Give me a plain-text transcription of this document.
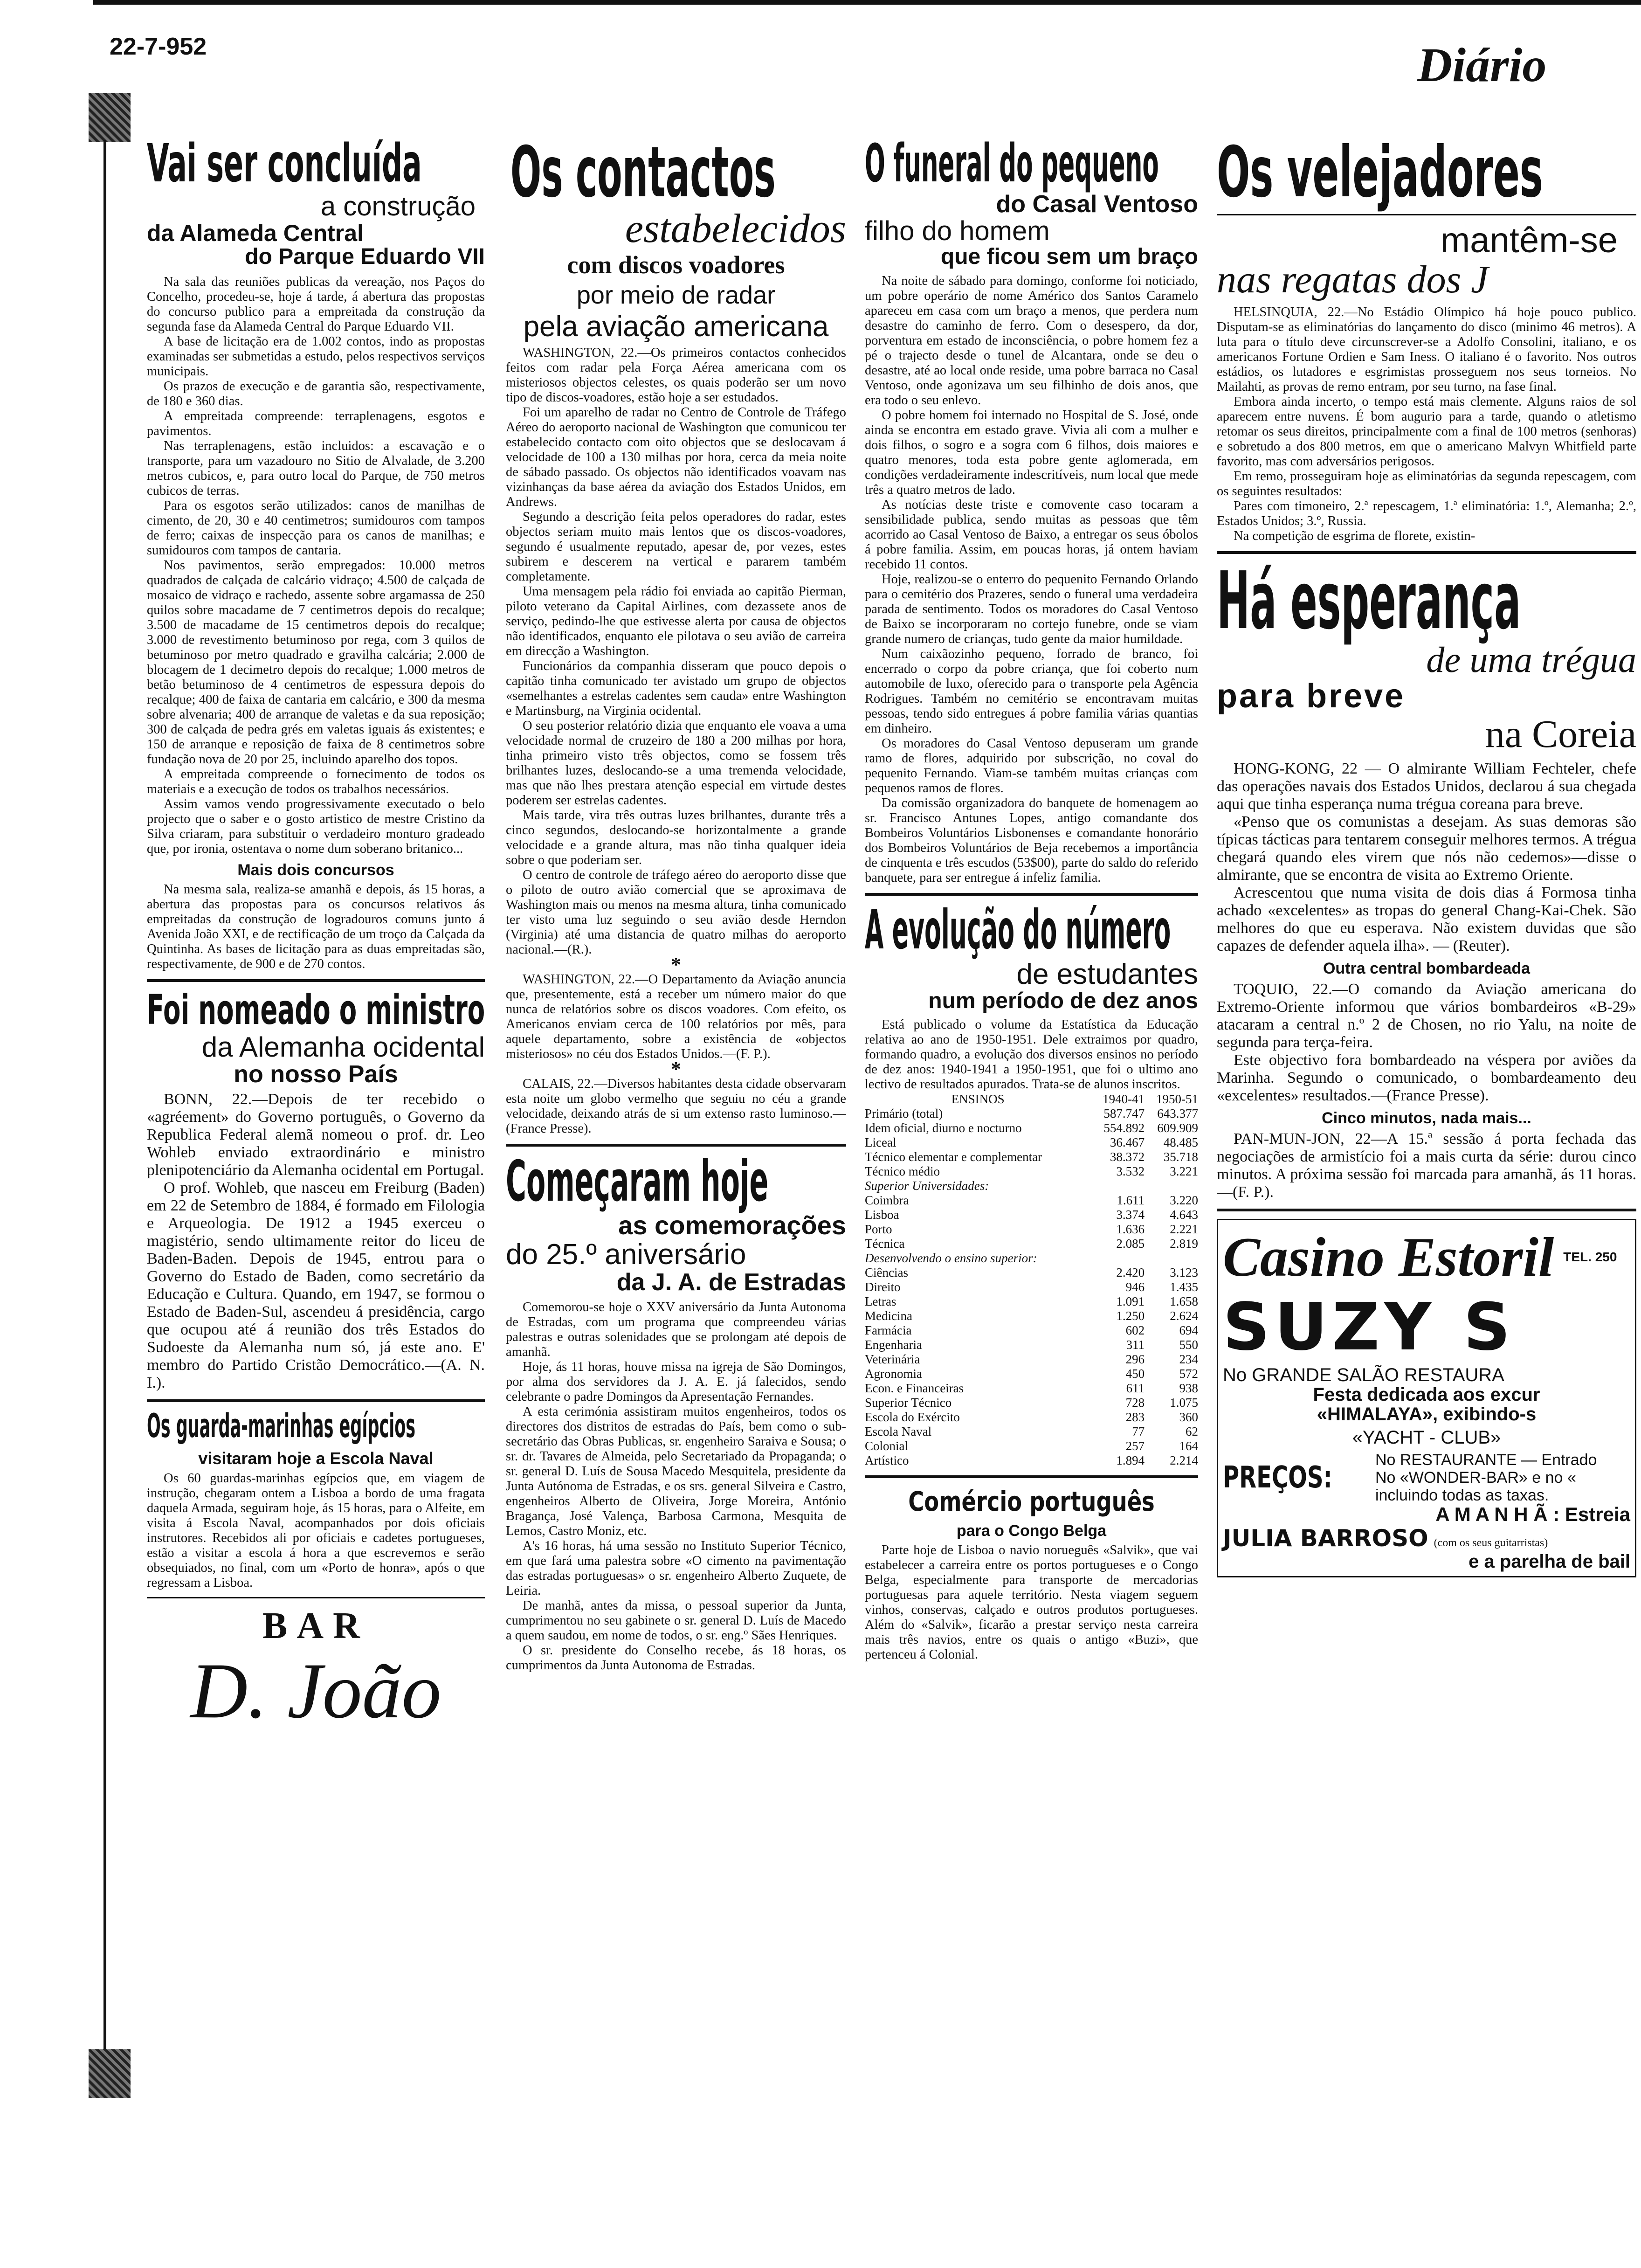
22-7-952	Diário
Vai ser concluída
a construção
da Alameda Central
do Parque Eduardo VII

Na sala das reuniões publicas da vereação, nos Paços do Concelho, procedeu-se, hoje á tarde, á abertura das propostas do concurso publico para a empreitada da construção da segunda fase da Alameda Central do Parque Eduardo VII.

A base de licitação era de 1.002 contos, indo as propostas examinadas ser submetidas a estudo, pelos respectivos serviços municipais.

Os prazos de execução e de garantia são, respectivamente, de 180 e 360 dias.

A empreitada compreende: terraplenagens, esgotos e pavimentos.

Nas terraplenagens, estão incluidos: a escavação e o transporte, para um vazadouro no Sitio de Alvalade, de 3.200 metros cubicos, e, para outro local do Parque, de 750 metros cubicos de terras.

Para os esgotos serão utilizados: canos de manilhas de cimento, de 20, 30 e 40 centimetros; sumidouros com tampos de ferro; caixas de inspecção para os canos de manilhas; e sumidouros com tampos de cantaria.

Nos pavimentos, serão empregados: 10.000 metros quadrados de calçada de calcário vidraço; 4.500 de calçada de mosaico de vidraço e rachedo, assente sobre argamassa de 250 quilos sobre macadame de 7 centimetros depois do recalque; 3.500 de macadame de 15 centimetros depois do recalque; 3.000 de revestimento betuminoso por rega, com 3 quilos de betuminoso por metro quadrado e gravilha calcária; 2.000 de blocagem de 1 decimetro depois do recalque; 1.000 metros de betão betuminoso de 4 centimetros de espessura depois do recalque; 400 de faixa de cantaria em calcário, e 300 da mesma sobre alvenaria; 400 de arranque de valetas e da sua reposição; 300 de calçada de pedra grés em valetas iguais ás existentes; e 150 de arranque e reposição de faixa de 8 centimetros sobre fundação nova de 20 por 25, incluindo aparelho dos topos.

A empreitada compreende o fornecimento de todos os materiais e a execução de todos os trabalhos necessários.

Assim vamos vendo progressivamente executado o belo projecto que o saber e o gosto artistico de mestre Cristino da Silva criaram, para substituir o verdadeiro monturo gradeado que, por ironia, ostentava o nome dum soberano britanico...

Mais dois concursos

Na mesma sala, realiza-se amanhã e depois, ás 15 horas, a abertura das propostas para os concursos relativos ás empreitadas da construção de logradouros comuns junto á Avenida João XXI, e de rectificação de um troço da Calçada da Quintinha. As bases de licitação para as duas empreitadas são, respectivamente, de 900 e de 270 contos.

Foi nomeado o ministro
da Alemanha ocidental
no nosso País

BONN, 22.—Depois de ter recebido o «agréement» do Governo português, o Governo da Republica Federal alemã nomeou o prof. dr. Leo Wohleb enviado extraordinário e ministro plenipotenciário da Alemanha ocidental em Portugal.

O prof. Wohleb, que nasceu em Freiburg (Baden) em 22 de Setembro de 1884, é formado em Filologia e Arqueologia. De 1912 a 1945 exerceu o magistério, sendo ultimamente reitor do liceu de Baden-Baden. Depois de 1945, entrou para o Governo do Estado de Baden, como secretário da Educação e Cultura. Quando, em 1947, se formou o Estado de Baden-Sul, ascendeu á presidência, cargo que ocupou até á reunião dos três Estados do Sudoeste da Alemanha num só, já este ano. E' membro do Partido Cristão Democrático.—(A. N. I.).

Os guarda-marinhas egípcios
visitaram hoje a Escola Naval

Os 60 guardas-marinhas egípcios que, em viagem de instrução, chegaram ontem a Lisboa a bordo de uma fragata daquela Armada, seguiram hoje, ás 15 horas, para o Alfeite, em visita á Escola Naval, acompanhados por dois oficiais instrutores. Recebidos ali por oficiais e cadetes portugueses, estão a visitar a escola á hora a que escrevemos e serão obsequiados, no final, com um «Porto de honra», após o que regressam a Lisboa.

BAR
D. João
Os contactos
estabelecidos
com discos voadores
por meio de radar
pela aviação americana

WASHINGTON, 22.—Os primeiros contactos conhecidos feitos com radar pela Força Aérea americana com os misteriosos objectos celestes, os quais poderão ser um novo tipo de discos-voadores, estão hoje a ser estudados.

Foi um aparelho de radar no Centro de Controle de Tráfego Aéreo do aeroporto nacional de Washington que comunicou ter estabelecido contacto com oito objectos que se deslocavam á velocidade de 100 a 130 milhas por hora, cerca da meia noite de sábado passado. Os objectos não identificados voavam nas vizinhanças da base aérea da aviação dos Estados Unidos, em Andrews.

Segundo a descrição feita pelos operadores do radar, estes objectos seriam muito mais lentos que os discos-voadores, segundo é usualmente reputado, apesar de, por vezes, estes subirem e descerem na vertical e pararem também completamente.

Uma mensagem pela rádio foi enviada ao capitão Pierman, piloto veterano da Capital Airlines, com dezassete anos de serviço, pedindo-lhe que estivesse alerta por causa de objectos não identificados, enquanto ele pilotava o seu avião de carreira em direcção a Washington.

Funcionários da companhia disseram que pouco depois o capitão tinha comunicado ter avistado um grupo de objectos «semelhantes a estrelas cadentes sem cauda» entre Washington e Martinsburg, na Virginia ocidental.

O seu posterior relatório dizia que enquanto ele voava a uma velocidade normal de cruzeiro de 180 a 200 milhas por hora, tinha primeiro visto três objectos, como se fossem três brilhantes luzes, deslocando-se a uma tremenda velocidade, mas que não lhes prestara atenção especial em virtude destes poderem ser estrelas cadentes.

Mais tarde, vira três outras luzes brilhantes, durante três a cinco segundos, deslocando-se horizontalmente a grande velocidade e a grande altura, mas não tinha qualquer ideia sobre o que poderiam ser.

O centro de controle de tráfego aéreo do aeroporto disse que o piloto de outro avião comercial que se aproximava de Washington mais ou menos na mesma altura, tinha comunicado ter visto uma luz seguindo o seu avião desde Herndon (Virginia) até uma distancia de quatro milhas do aeroporto nacional.—(R.).

*

WASHINGTON, 22.—O Departamento da Aviação anuncia que, presentemente, está a receber um número maior do que nunca de relatórios sobre os discos voadores. Com efeito, os Americanos enviam cerca de 100 relatórios por mês, para aquele departamento, sobre a existência de «objectos misteriosos» no céu dos Estados Unidos.—(F. P.).

*

CALAIS, 22.—Diversos habitantes desta cidade observaram esta noite um globo vermelho que seguiu no céu a grande velocidade, deixando atrás de si um extenso rasto luminoso.—(France Presse).

Começaram hoje
as comemorações
do 25.º aniversário
da J. A. de Estradas

Comemorou-se hoje o XXV aniversário da Junta Autonoma de Estradas, com um programa que compreendeu várias palestras e outras solenidades que se prolongam até depois de amanhã.

Hoje, ás 11 horas, houve missa na igreja de São Domingos, por alma dos servidores da J. A. E. já falecidos, sendo celebrante o padre Domingos da Apresentação Fernandes.

A esta cerimónia assistiram muitos engenheiros, todos os directores dos distritos de estradas do País, bem como o sub-secretário das Obras Publicas, sr. engenheiro Saraiva e Sousa; o sr. dr. Tavares de Almeida, pelo Secretariado da Propaganda; o sr. general D. Luís de Sousa Macedo Mesquitela, presidente da Junta Autónoma de Estradas, e os srs. general Silveira e Castro, engenheiros Alberto de Oliveira, Jorge Moreira, António Bragança, José Valença, Barbosa Carmona, Mesquita de Lemos, Castro Moniz, etc.

A's 16 horas, há uma sessão no Instituto Superior Técnico, em que fará uma palestra sobre «O cimento na pavimentação das estradas portuguesas» o sr. engenheiro Alberto Zuquete, de Leiria.

De manhã, antes da missa, o pessoal superior da Junta, cumprimentou no seu gabinete o sr. general D. Luís de Macedo a quem saudou, em nome de todos, o sr. eng.º Sães Henriques.

O sr. presidente do Conselho recebe, ás 18 horas, os cumprimentos da Junta Autonoma de Estradas.

O funeral do pequeno
do Casal Ventoso
filho do homem
que ficou sem um braço

Na noite de sábado para domingo, conforme foi noticiado, um pobre operário de nome Américo dos Santos Caramelo apareceu em casa com um braço a menos, que perdera num desastre do caminho de ferro. Com o desespero, da dor, porventura em estado de inconsciência, o pobre homem fez a pé o trajecto desde o tunel de Alcantara, onde se deu o desastre, até ao local onde reside, uma pobre barraca no Casal Ventoso, onde agonizava um seu filhinho de dois anos, que era todo o seu enlevo.

O pobre homem foi internado no Hospital de S. José, onde ainda se encontra em estado grave. Vivia ali com a mulher e dois filhos, o sogro e a sogra com 6 filhos, dois maiores e quatro menores, toda esta pobre gente aglomerada, em condições verdadeiramente indescritíveis, num local que mede três a quatro metros de lado.

As notícias deste triste e comovente caso tocaram a sensibilidade publica, sendo muitas as pessoas que têm acorrido ao Casal Ventoso de Baixo, a entregar os seus óbolos á pobre familia. Assim, em poucas horas, já ontem haviam recebido 11 contos.

Hoje, realizou-se o enterro do pequenito Fernando Orlando para o cemitério dos Prazeres, sendo o funeral uma verdadeira parada de sentimento. Todos os moradores do Casal Ventoso de Baixo se incorporaram no cortejo funebre, onde se viam grande numero de crianças, tudo gente da maior humildade.

Num caixãozinho pequeno, forrado de branco, foi encerrado o corpo da pobre criança, que foi coberto num automobile de luxo, oferecido para o transporte pela Agência Rodrigues. Também no cemitério se encontravam muitas pessoas, tendo sido entregues á pobre familia várias quantias em dinheiro.

Os moradores do Casal Ventoso depuseram um grande ramo de flores, adquirido por subscrição, no coval do pequenito Fernando. Viam-se também muitas crianças com pequenos ramos de flores.

Da comissão organizadora do banquete de homenagem ao sr. Francisco Antunes Lopes, antigo comandante dos Bombeiros Voluntários Lisbonenses e comandante honorário dos Bombeiros Voluntários de Beja recebemos a importância de cinquenta e três escudos (53$00), parte do saldo do referido banquete, para ser entregue á infeliz familia.

A evolução do número
de estudantes
num período de dez anos

Está publicado o volume da Estatística da Educação relativa ao ano de 1950-1951. Dele extraimos por quadro, formando quadro, a evolução dos diversos ensinos no período de dez anos: 1940-1941 a 1950-1951, que foi o ultimo ano lectivo de resultados apurados. Trata-se de alunos inscritos.

ENSINOS	1940-41	1950-51
Primário (total)	587.747	643.377
Idem oficial, diurno e nocturno	554.892	609.909
Liceal	36.467	48.485
Técnico elementar e complementar	38.372	35.718
Técnico médio	3.532	3.221
Superior Universidades:		
Coimbra	1.611	3.220
Lisboa	3.374	4.643
Porto	1.636	2.221
Técnica	2.085	2.819
Desenvolvendo o ensino superior:		
Ciências	2.420	3.123
Direito	946	1.435
Letras	1.091	1.658
Medicina	1.250	2.624
Farmácia	602	694
Engenharia	311	550
Veterinária	296	234
Agronomia	450	572
Econ. e Financeiras	611	938
Superior Técnico	728	1.075
Escola do Exército	283	360
Escola Naval	77	62
Colonial	257	164
Artístico	1.894	2.214
Comércio português
para o Congo Belga

Parte hoje de Lisboa o navio norueguês «Salvik», que vai estabelecer a carreira entre os portos portugueses e o Congo Belga, especialmente para transporte de mercadorias portuguesas para aquele território. Nesta viagem seguem vinhos, conservas, calçado e outros produtos portugueses. Além do «Salvik», ficarão a prestar serviço nesta carreira mais três navios, entre os quais o antigo «Buzi», que pertenceu á Colonial.

Os velejadores
mantêm-se
nas regatas dos J

HELSINQUIA, 22.—No Estádio Olímpico há hoje pouco publico. Disputam-se as eliminatórias do lançamento do disco (minimo 46 metros). A luta para o título deve circunscrever-se a Adolfo Consolini, italiano, e os americanos Fortune Ordien e Sam Iness. O italiano é o favorito. Nos outros estádios, os lutadores e esgrimistas prosseguem nos seus torneios. No Mailahti, as provas de remo entram, por seu turno, na fase final.

Embora ainda incerto, o tempo está mais clemente. Alguns raios de sol aparecem entre nuvens. É bom augurio para a tarde, quando o atletismo retomar os seus direitos, principalmente com a final de 100 metros (senhoras) e sobretudo a dos 800 metros, em que o americano Malvyn Whitfield parte favorito, mas com adversários perigosos.

Em remo, prosseguiram hoje as eliminatórias da segunda repescagem, com os seguintes resultados:

Pares com timoneiro, 2.ª repescagem, 1.ª eliminatória: 1.º, Alemanha; 2.º, Estados Unidos; 3.º, Russia.

Na competição de esgrima de florete, existin-

Há esperança
de uma trégua
para breve
na Coreia

HONG-KONG, 22 — O almirante William Fechteler, chefe das operações navais dos Estados Unidos, declarou á sua chegada aqui que tinha esperança numa trégua coreana para breve.

«Penso que os comunistas a desejam. As suas demoras são típicas tácticas para tentarem conseguir melhores termos. A trégua chegará quando eles virem que nós não cedemos»—disse o almirante, que se encontra de visita ao Extremo Oriente.

Acrescentou que numa visita de dois dias á Formosa tinha achado «excelentes» as tropas do general Chang-Kai-Chek. São melhores do que eu esperava. Não existem duvidas que são capazes de defender aquela ilha». — (Reuter).

Outra central bombardeada

TOQUIO, 22.—O comando da Aviação americana do Extremo-Oriente informou que vários bombardeiros «B-29» atacaram a central n.º 2 de Chosen, no rio Yalu, na noite de segunda para terça-feira.

Este objectivo fora bombardeado na véspera por aviões da Marinha. Segundo o comunicado, o bombardeamento deu «excelentes» resultados.—(France Presse).

Cinco minutos, nada mais...

PAN-MUN-JON, 22—A 15.ª sessão á porta fechada das negociações de armistício foi a mais curta da série: durou cinco minutos. A próxima sessão foi marcada para amanhã, ás 11 horas.—(F. P.).

Casino Estoril TEL. 250
SUZY S
No GRANDE SALÃO RESTAURA
Festa dedicada aos excur
«HIMALAYA», exibindo-s
«YACHT - CLUB»
PREÇOS:
No RESTAURANTE — Entrado
No «WONDER-BAR» e no «
incluindo todas as taxas.
A M A N H Ã : Estreia
JULIA BARROSO (com os seus guitarristas)
e a parelha de bail
